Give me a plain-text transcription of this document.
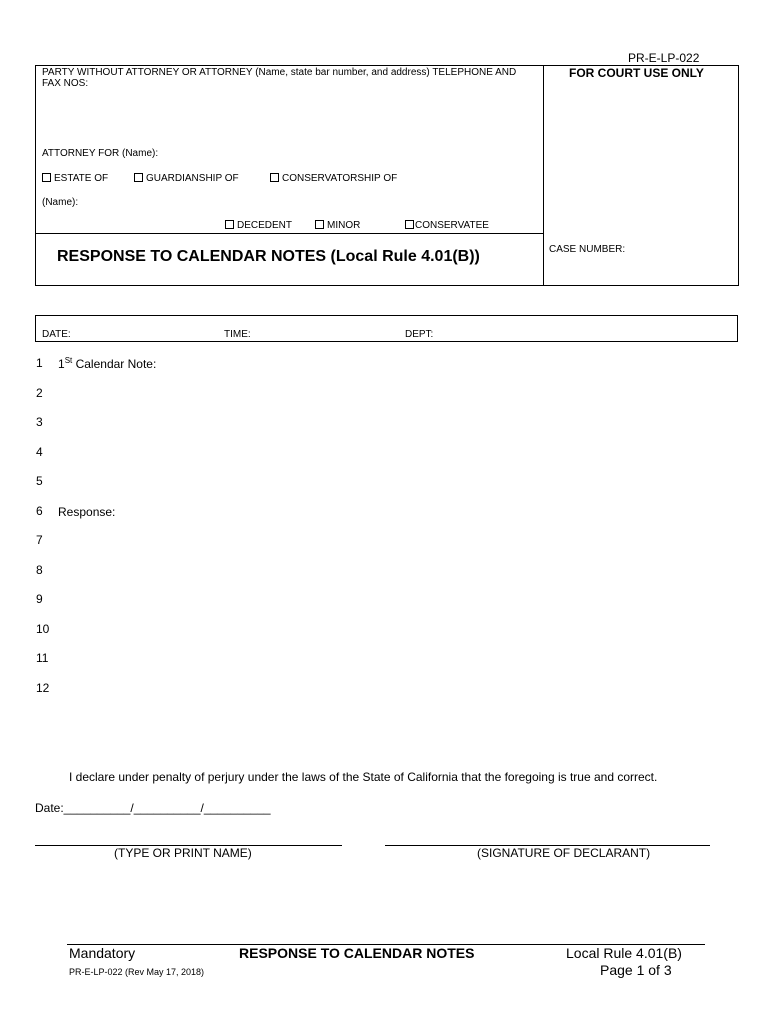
PR-E-LP-022
FOR COURT USE ONLY
PARTY WITHOUT ATTORNEY OR ATTORNEY (Name, state bar number, and address) TELEPHONE AND FAX NOS:
ATTORNEY FOR (Name):
ESTATE OF	GUARDIANSHIP OF	CONSERVATORSHIP OF
(Name):
DECEDENT	MINOR	CONSERVATEE
RESPONSE TO CALENDAR NOTES (Local Rule 4.01(B))	CASE NUMBER:
DATE:	TIME:	DEPT:
1
2
3
4
5
6
7
8
9
10
11
12
1St Calendar Note:
Response:
I declare under penalty of perjury under the laws of the State of California that the foregoing is true and correct.
Date:__________/__________/__________
(TYPE OR PRINT NAME)	(SIGNATURE OF DECLARANT)
Mandatory	RESPONSE TO CALENDAR NOTES	Local Rule 4.01(B)
Page 1 of 3
PR-E-LP-022 (Rev May 17, 2018)
